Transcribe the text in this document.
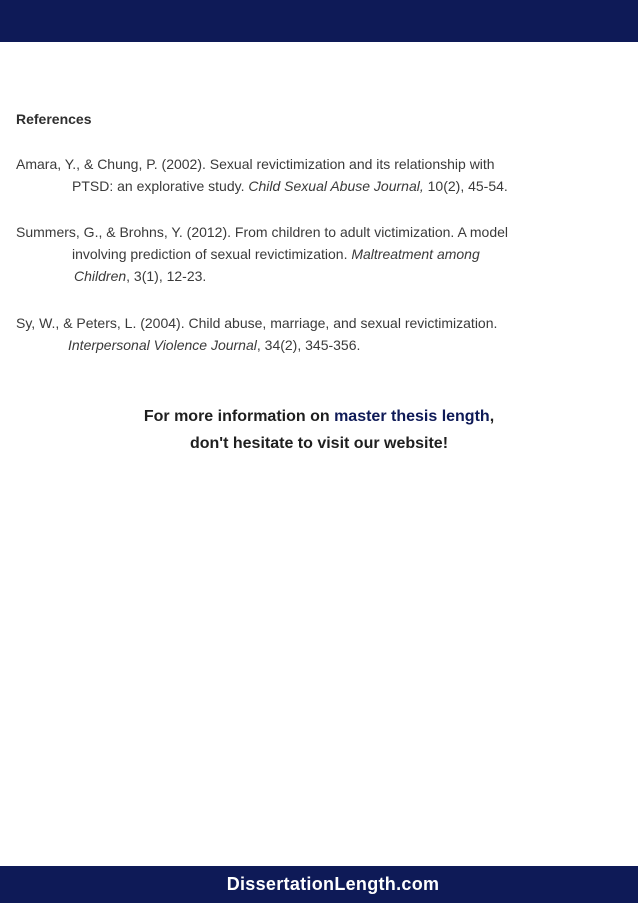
References
Amara, Y., & Chung, P. (2002). Sexual revictimization and its relationship with
PTSD: an explorative study. Child Sexual Abuse Journal, 10(2), 45-54.
Summers, G., & Brohns, Y. (2012). From children to adult victimization. A model
involving prediction of sexual revictimization. Maltreatment among
Children, 3(1), 12-23.
Sy, W., & Peters, L. (2004). Child abuse, marriage, and sexual revictimization.
Interpersonal Violence Journal, 34(2), 345-356.
For more information on master thesis length,
don't hesitate to visit our website!
DissertationLength.com
